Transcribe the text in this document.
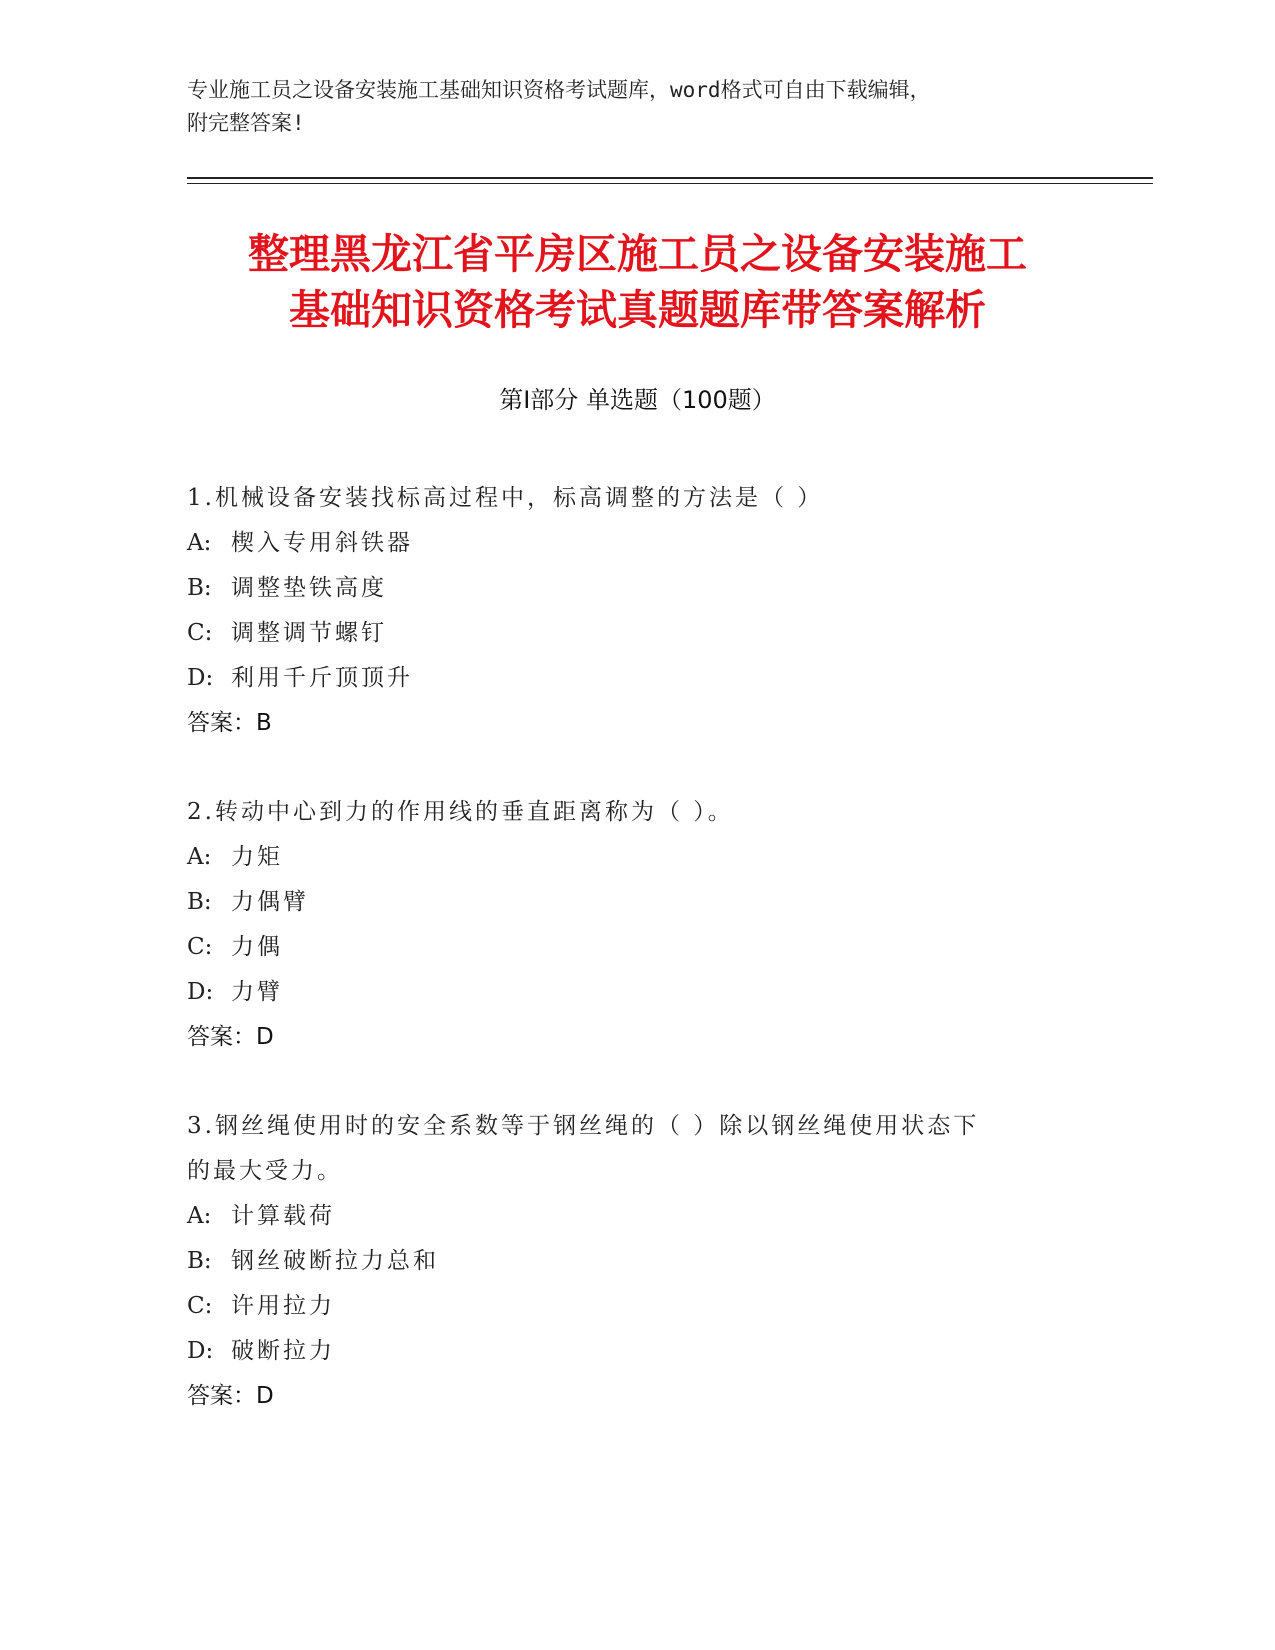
专业施工员之设备安装施工基础知识资格考试题库，word格式可自由下载编辑，
附完整答案!
整理黑龙江省平房区施工员之设备安装施工
基础知识资格考试真题题库带答案解析
第Ⅰ部分 单选题（100题）
1.机械设备安装找标高过程中，标高调整的方法是（ ）
A: 楔入专用斜铁器
B: 调整垫铁高度
C: 调整调节螺钉
D: 利用千斤顶顶升
答案：B
2.转动中心到力的作用线的垂直距离称为（ ）。
A: 力矩
B: 力偶臂
C: 力偶
D: 力臂
答案：D
3.钢丝绳使用时的安全系数等于钢丝绳的（ ）除以钢丝绳使用状态下
的最大受力。
A: 计算载荷
B: 钢丝破断拉力总和
C: 许用拉力
D: 破断拉力
答案：D
